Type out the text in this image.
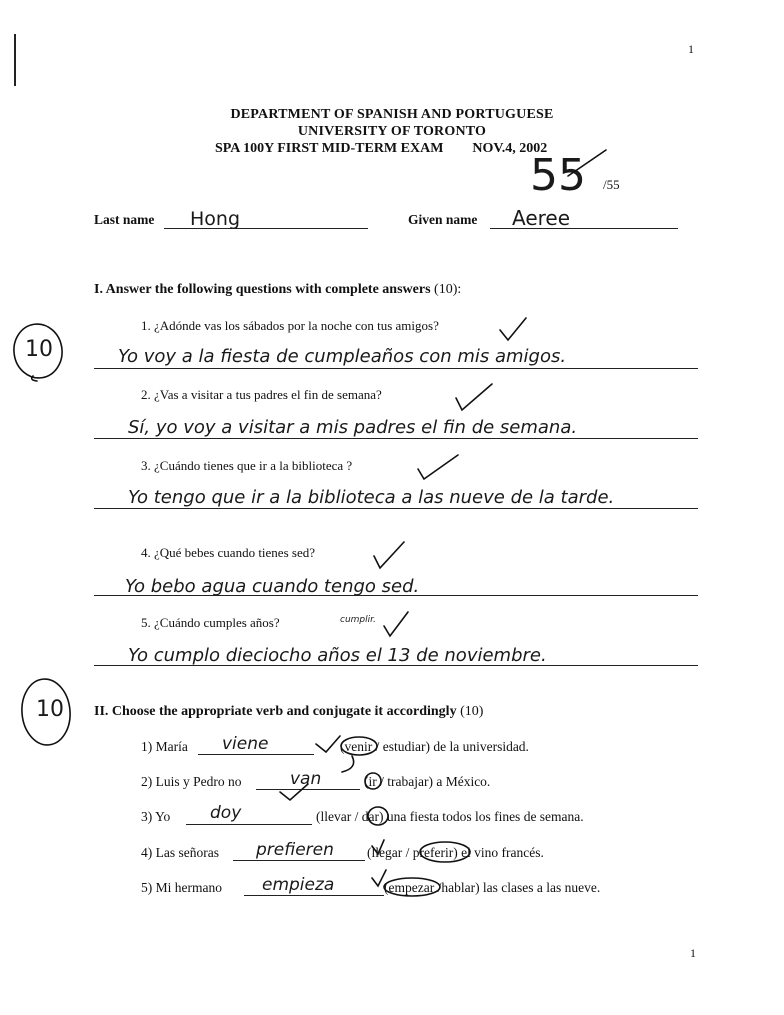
1
DEPARTMENT OF SPANISH AND PORTUGUESE
UNIVERSITY OF TORONTO
SPA 100Y FIRST MID-TERM EXAM NOV.4, 2002
55 /55
Last name Hong	Given name Aeree
I. Answer the following questions with complete answers (10):
10
1. ¿Adónde vas los sábados por la noche con tus amigos?
Yo voy a la fiesta de cumpleaños con mis amigos.
2. ¿Vas a visitar a tus padres el fin de semana?
Sí, yo voy a visitar a mis padres el fin de semana.
3. ¿Cuándo tienes que ir a la biblioteca ?
Yo tengo que ir a la biblioteca a las nueve de la tarde.
4. ¿Qué bebes cuando tienes sed?
Yo bebo agua cuando tengo sed.
5. ¿Cuándo cumples años?	cumplir.
Yo cumplo dieciocho años el 13 de noviembre.
II. Choose the appropriate verb and conjugate it accordingly (10)
10
1) María viene	(venir / estudiar) de la universidad.
2) Luis y Pedro no	van	(ir / trabajar) a México.
3) Yo doy	(llevar / dar) una fiesta todos los fines de semana.
4) Las señoras prefieren (llegar / preferir) el vino francés.
5) Mi hermano empieza	(empezar /hablar) las clases a las nueve.
1
